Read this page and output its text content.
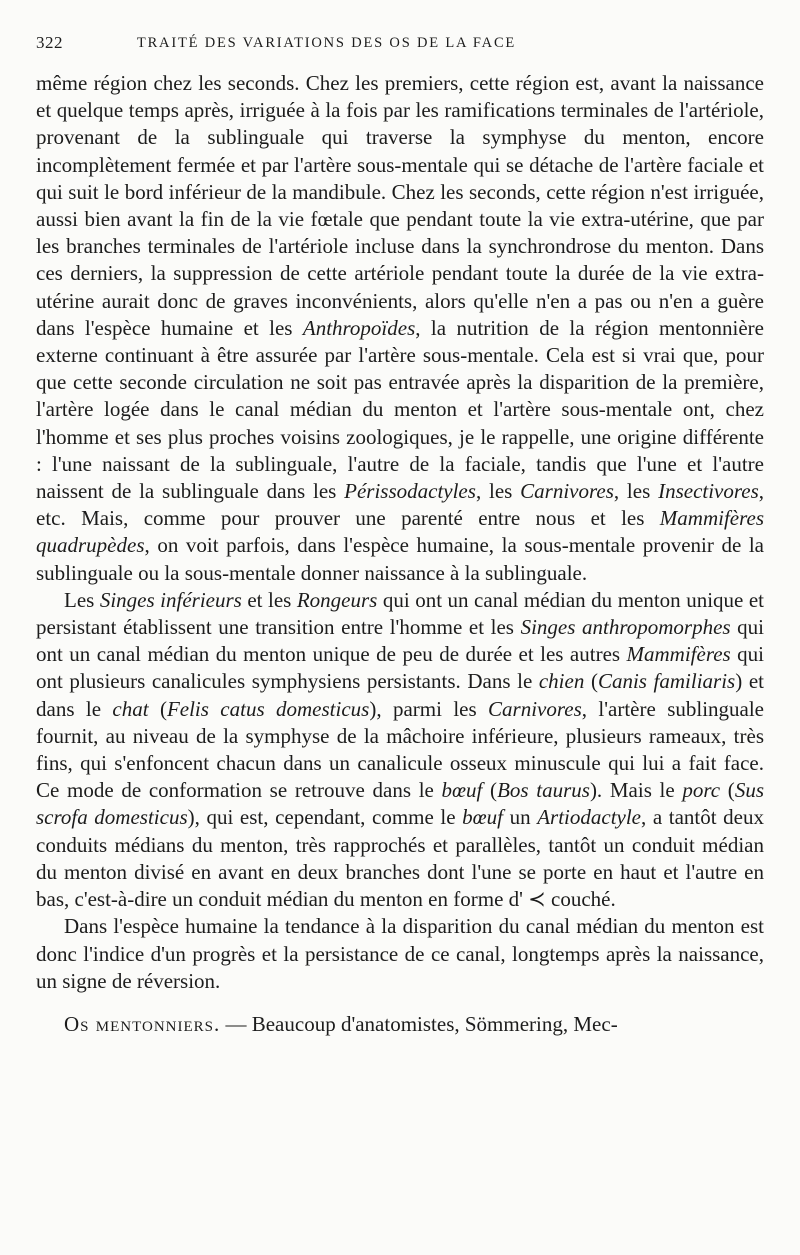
322	TRAITÉ DES VARIATIONS DES OS DE LA FACE

même région chez les seconds. Chez les premiers, cette région est, avant la naissance et quelque temps après, irriguée à la fois par les ramifications terminales de l'artériole, provenant de la sublinguale qui traverse la symphyse du menton, encore incomplètement fermée et par l'artère sous-mentale qui se détache de l'artère faciale et qui suit le bord inférieur de la mandibule. Chez les seconds, cette région n'est irriguée, aussi bien avant la fin de la vie fœtale que pendant toute la vie extra-utérine, que par les branches terminales de l'artériole incluse dans la synchrondrose du menton. Dans ces derniers, la suppression de cette artériole pendant toute la durée de la vie extra-utérine aurait donc de graves inconvénients, alors qu'elle n'en a pas ou n'en a guère dans l'espèce humaine et les Anthropoïdes, la nutrition de la région mentonnière externe continuant à être assurée par l'artère sous-mentale. Cela est si vrai que, pour que cette seconde circulation ne soit pas entravée après la disparition de la première, l'artère logée dans le canal médian du menton et l'artère sous-mentale ont, chez l'homme et ses plus proches voisins zoologiques, je le rappelle, une origine différente : l'une naissant de la sublinguale, l'autre de la faciale, tandis que l'une et l'autre naissent de la sublinguale dans les Périssodactyles, les Carnivores, les Insectivores, etc. Mais, comme pour prouver une parenté entre nous et les Mammifères quadrupèdes, on voit parfois, dans l'espèce humaine, la sous-mentale provenir de la sublinguale ou la sous-mentale donner naissance à la sublinguale.

Les Singes inférieurs et les Rongeurs qui ont un canal médian du menton unique et persistant établissent une transition entre l'homme et les Singes anthropomorphes qui ont un canal médian du menton unique de peu de durée et les autres Mammifères qui ont plusieurs canalicules symphysiens persistants. Dans le chien (Canis familiaris) et dans le chat (Felis catus domesticus), parmi les Carnivores, l'artère sublinguale fournit, au niveau de la symphyse de la mâchoire inférieure, plusieurs rameaux, très fins, qui s'enfoncent chacun dans un canalicule osseux minuscule qui lui a fait face. Ce mode de conformation se retrouve dans le bœuf (Bos taurus). Mais le porc (Sus scrofa domesticus), qui est, cependant, comme le bœuf un Artiodactyle, a tantôt deux conduits médians du menton, très rapprochés et parallèles, tantôt un conduit médian du menton divisé en avant en deux branches dont l'une se porte en haut et l'autre en bas, c'est-à-dire un conduit médian du menton en forme d' ≺ couché.

Dans l'espèce humaine la tendance à la disparition du canal médian du menton est donc l'indice d'un progrès et la persistance de ce canal, longtemps après la naissance, un signe de réversion.

Os mentonniers. — Beaucoup d'anatomistes, Sömmering, Mec-
